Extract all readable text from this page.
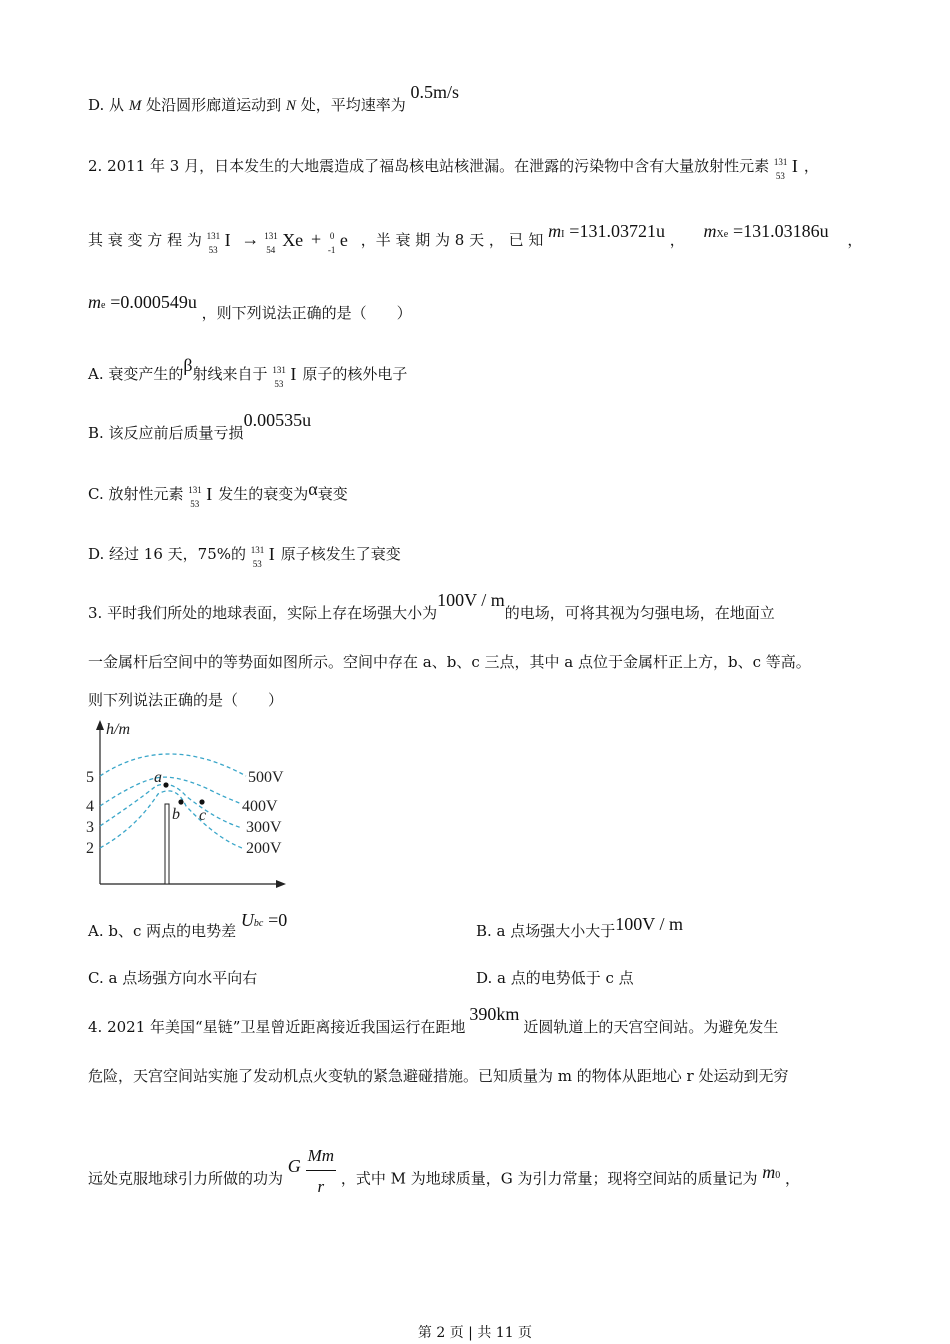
D. 从 M 处沿圆形廊道运动到 N 处，平均速率为 0.5m/s
2. 2011 年 3 月，日本发生的大地震造成了福岛核电站核泄漏。在泄露的污染物中含有大量放射性元素 131
53 I ，
其 衰 变 方 程 为 131
53 I → 131
54 Xe + 0
-1 e ，半 衰 期 为 8 天 ， 已 知 mI =131.03721u ， mXe =131.03186u ，
me =0.000549u ，则下列说法正确的是（　　）
A. 衰变产生的β射线来自于 131
53 I 原子的核外电子
B. 该反应前后质量亏损0.00535u
C. 放射性元素 131
53 I 发生的衰变为α衰变
D. 经过 16 天，75%的 131
53 I 原子核发生了衰变
3. 平时我们所处的地球表面，实际上存在场强大小为100V / m的电场，可将其视为匀强电场，在地面立
一金属杆后空间中的等势面如图所示。空间中存在 a、b、c 三点，其中 a 点位于金属杆正上方，b、c 等高。
则下列说法正确的是（　　）
h/m
5
4
3
2
500V
400V
300V
200V
a
b c
A. b、c 两点的电势差 Ubc =0
B. a 点场强大小大于100V / m
C. a 点场强方向水平向右	D. a 点的电势低于 c 点
4. 2021 年美国“星链”卫星曾近距离接近我国运行在距地390km近圆轨道上的天宫空间站。为避免发生
危险，天宫空间站实施了发动机点火变轨的紧急避碰措施。已知质量为 m 的物体从距地心 r 处运动到无穷
远处克服地球引力所做的功为 G $\frac{Mm}{r}$ ，式中 M 为地球质量，G 为引力常量；现将空间站的质量记为 m0 ，
第 2 页 | 共 11 页
